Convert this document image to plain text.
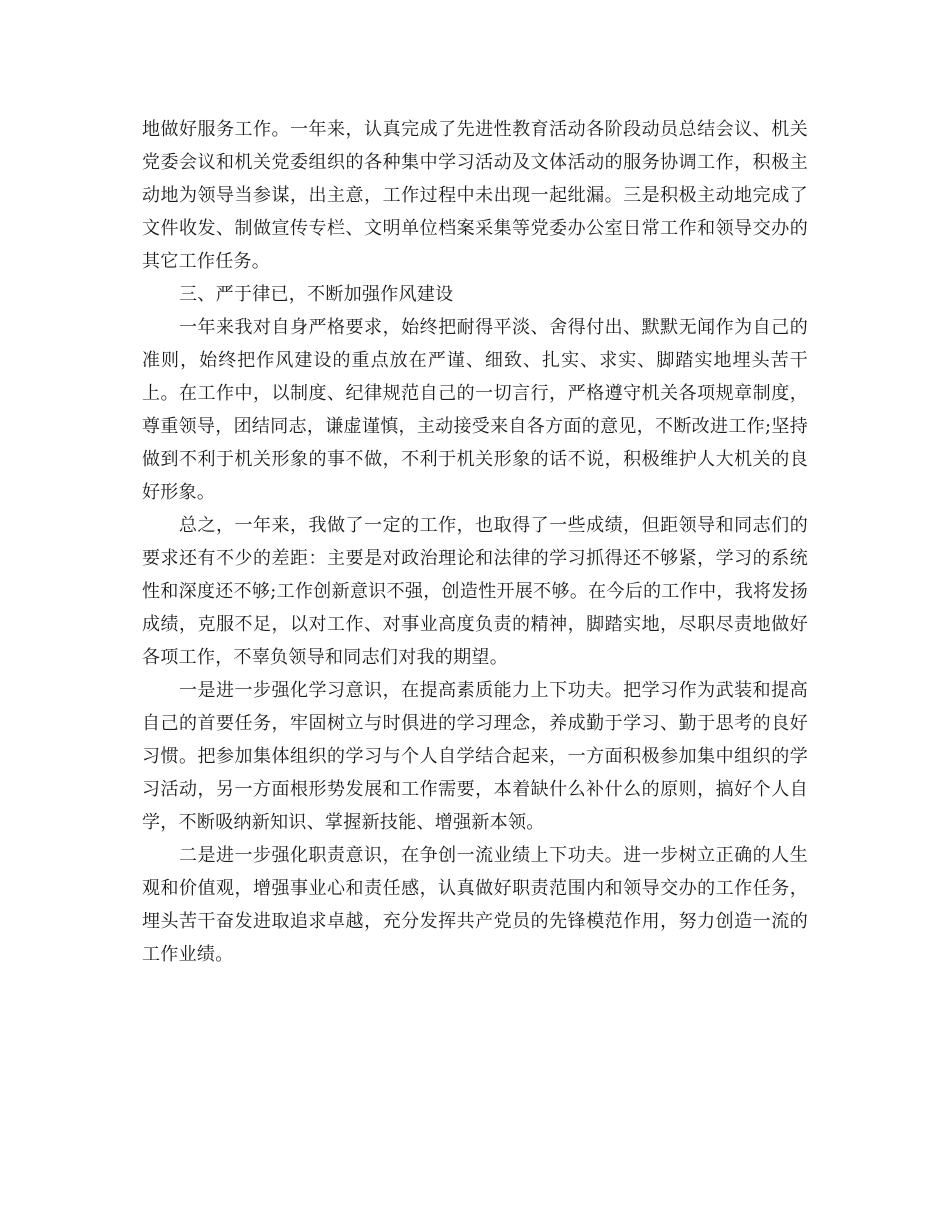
地做好服务工作。一年来，认真完成了先进性教育活动各阶段动员总结会议、机关党委会议和机关党委组织的各种集中学习活动及文体活动的服务协调工作，积极主动地为领导当参谋，出主意，工作过程中未出现一起纰漏。三是积极主动地完成了文件收发、制做宣传专栏、文明单位档案采集等党委办公室日常工作和领导交办的其它工作任务。

三、严于律已，不断加强作风建设

一年来我对自身严格要求，始终把耐得平淡、舍得付出、默默无闻作为自己的准则，始终把作风建设的重点放在严谨、细致、扎实、求实、脚踏实地埋头苦干上。在工作中，以制度、纪律规范自己的一切言行，严格遵守机关各项规章制度，尊重领导，团结同志，谦虚谨慎，主动接受来自各方面的意见，不断改进工作;坚持做到不利于机关形象的事不做，不利于机关形象的话不说，积极维护人大机关的良好形象。

总之，一年来，我做了一定的工作，也取得了一些成绩，但距领导和同志们的要求还有不少的差距：主要是对政治理论和法律的学习抓得还不够紧，学习的系统性和深度还不够;工作创新意识不强，创造性开展不够。在今后的工作中，我将发扬成绩，克服不足，以对工作、对事业高度负责的精神，脚踏实地，尽职尽责地做好各项工作，不辜负领导和同志们对我的期望。

一是进一步强化学习意识，在提高素质能力上下功夫。把学习作为武装和提高自己的首要任务，牢固树立与时俱进的学习理念，养成勤于学习、勤于思考的良好习惯。把参加集体组织的学习与个人自学结合起来，一方面积极参加集中组织的学习活动，另一方面根形势发展和工作需要，本着缺什么补什么的原则，搞好个人自学，不断吸纳新知识、掌握新技能、增强新本领。

二是进一步强化职责意识，在争创一流业绩上下功夫。进一步树立正确的人生观和价值观，增强事业心和责任感，认真做好职责范围内和领导交办的工作任务，埋头苦干奋发进取追求卓越，充分发挥共产党员的先锋模范作用，努力创造一流的工作业绩。
